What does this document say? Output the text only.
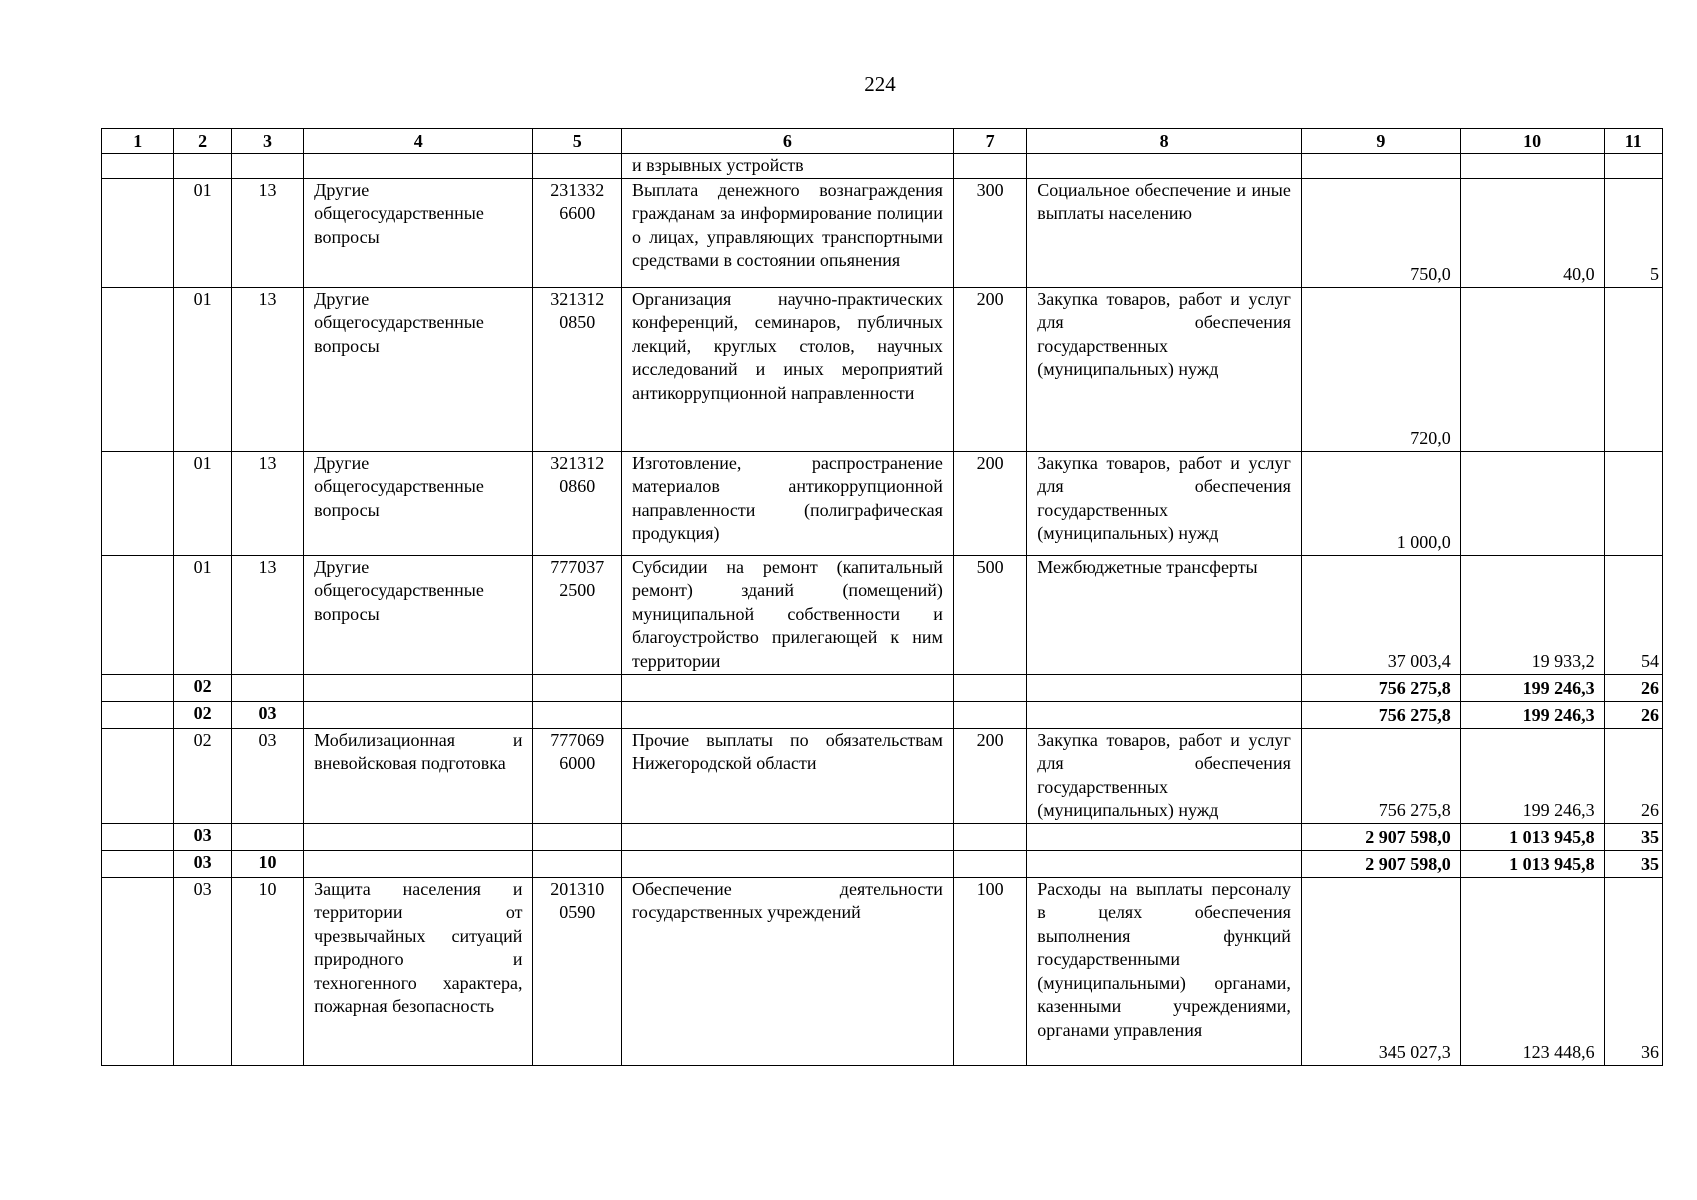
224
1	2	3	4	5	6	7	8	9	10	11
					и взрывных устройств					
	01	13	Другие общегосударственные вопросы	231332 6600	Выплата денежного вознаграждения гражданам за информирование полиции о лицах, управляющих транспортными средствами в состоянии опьянения	300	Социальное обеспечение и иные выплаты населению	750,0	40,0	5
	01	13	Другие общегосударственные вопросы	321312 0850	Организация научно-практических конференций, семинаров, публичных лекций, круглых столов, научных исследований и иных мероприятий антикоррупционной направленности	200	Закупка товаров, работ и услуг для обеспечения государственных (муниципальных) нужд	720,0		
	01	13	Другие общегосударственные вопросы	321312 0860	Изготовление, распространение материалов антикоррупционной направленности (полиграфическая продукция)	200	Закупка товаров, работ и услуг для обеспечения государственных (муниципальных) нужд	1 000,0		
	01	13	Другие общегосударственные вопросы	777037 2500	Субсидии на ремонт (капитальный ремонт) зданий (помещений) муниципальной собственности и благоустройство прилегающей к ним территории	500	Межбюджетные трансферты	37 003,4	19 933,2	54
	02							756 275,8	199 246,3	26
	02	03						756 275,8	199 246,3	26
	02	03	Мобилизационная и вневойсковая подготовка	777069 6000	Прочие выплаты по обязательствам Нижегородской области	200	Закупка товаров, работ и услуг для обеспечения государственных (муниципальных) нужд	756 275,8	199 246,3	26
	03							2 907 598,0	1 013 945,8	35
	03	10						2 907 598,0	1 013 945,8	35
	03	10	Защита населения и территории от чрезвычайных ситуаций природного и техногенного характера, пожарная безопасность	201310 0590	Обеспечение деятельности государственных учреждений	100	Расходы на выплаты персоналу в целях обеспечения выполнения функций государственными (муниципальными) органами, казенными учреждениями, органами управления	345 027,3	123 448,6	36
